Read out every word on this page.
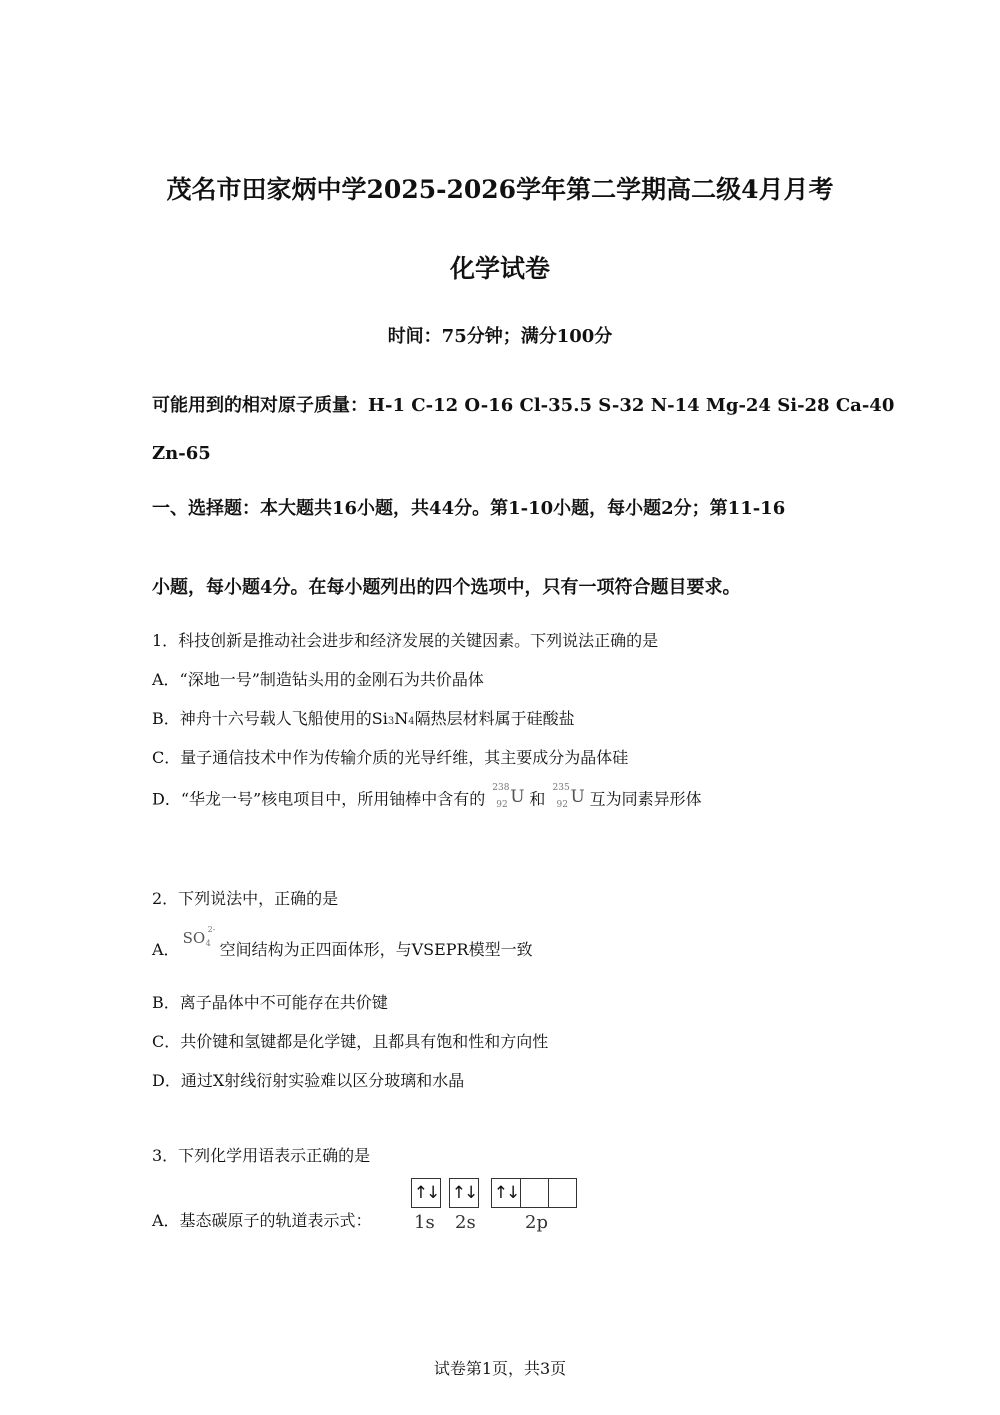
茂名市田家炳中学2025-2026学年第二学期高二级4月月考
化学试卷
时间：75分钟；满分100分
可能用到的相对原子质量：H-1 C-12 O-16 Cl-35.5 S-32 N-14 Mg-24 Si-28 Ca-40
Zn-65
一、选择题：本大题共16小题，共44分。第1-10小题，每小题2分；第11-16
小题，每小题4分。在每小题列出的四个选项中，只有一项符合题目要求。
1．科技创新是推动社会进步和经济发展的关键因素。下列说法正确的是
A．“深地一号”制造钻头用的金刚石为共价晶体
B．神舟十六号载人飞船使用的Si3N4隔热层材料属于硅酸盐
C．量子通信技术中作为传输介质的光导纤维，其主要成分为晶体硅
D．“华龙一号”核电项目中，所用铀棒中含有的
238
92 U 和
235
92 U 互为同素异形体
2．下列说法中，正确的是
A．
SO 2-
4 空间结构为正四面体形，与VSEPR模型一致
B．离子晶体中不可能存在共价键
C．共价键和氢键都是化学键，且都具有饱和性和方向性
D．通过X射线衍射实验难以区分玻璃和水晶
3．下列化学用语表示正确的是
A．基态碳原子的轨道表示式：
↑↓ ↑↓ ↑↓
1s 2s	2p
试卷第1页，共3页
